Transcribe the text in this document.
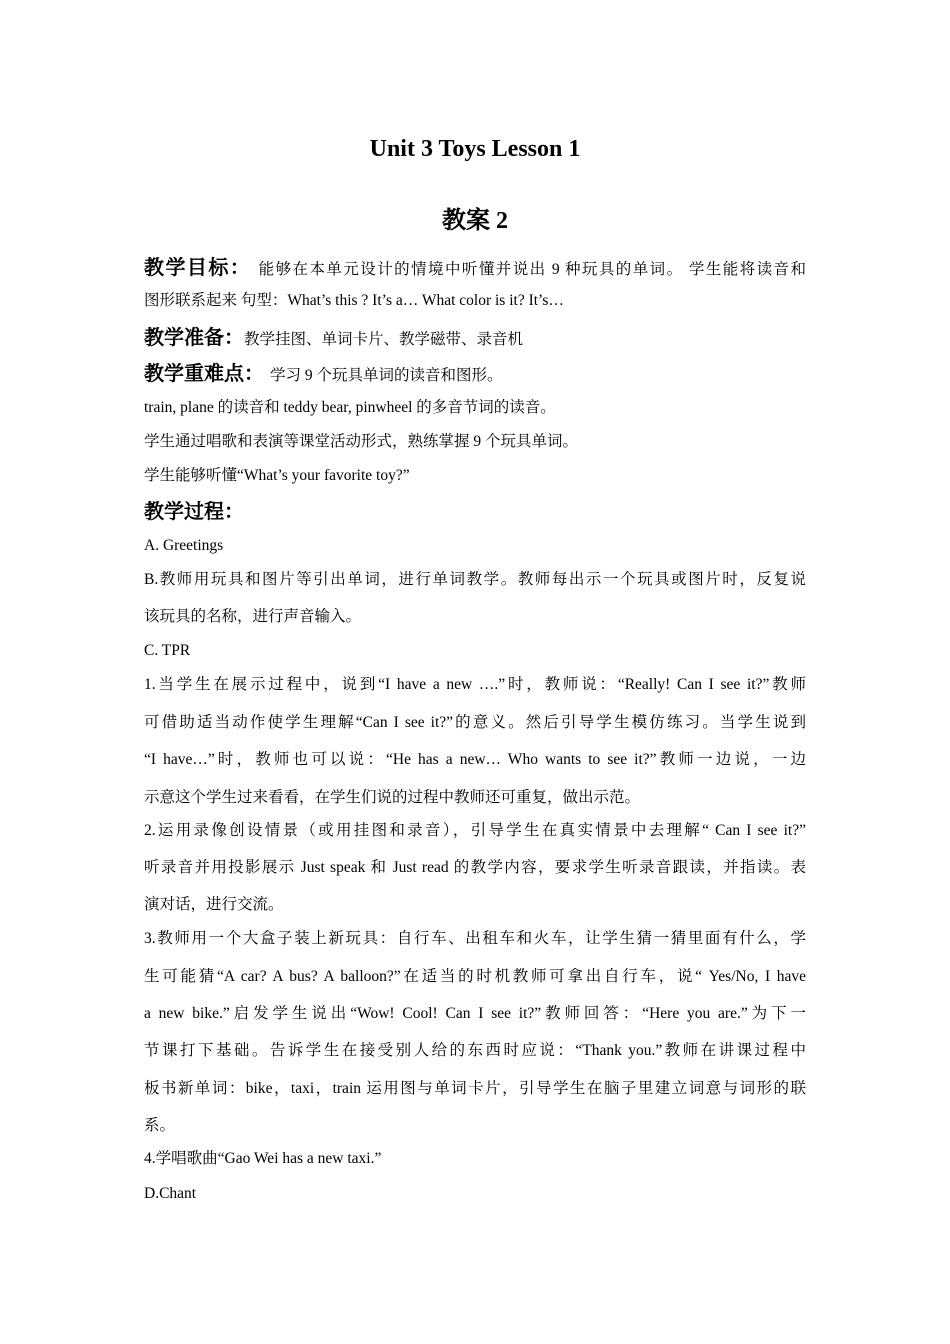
Unit 3 Toys Lesson 1
教案 2
教学目标： 能够在本单元设计的情境中听懂并说出 9 种玩具的单词。 学生能将读音和
图形联系起来 句型：What’s this ? It’s a… What color is it? It’s…
教学准备：教学挂图、单词卡片、教学磁带、录音机
教学重难点： 学习 9 个玩具单词的读音和图形。
train, plane 的读音和 teddy bear, pinwheel 的多音节词的读音。
学生通过唱歌和表演等课堂活动形式，熟练掌握 9 个玩具单词。
学生能够听懂“What’s your favorite toy?”
教学过程：
A. Greetings
B.教师用玩具和图片等引出单词，进行单词教学。教师每出示一个玩具或图片时，反复说
该玩具的名称，进行声音输入。
C. TPR
1.当学生在展示过程中，说到“I have a new ….”时，教师说：“Really! Can I see it?”教师
可借助适当动作使学生理解“Can I see it?”的意义。然后引导学生模仿练习。当学生说到
“I have…”时，教师也可以说：“He has a new… Who wants to see it?”教师一边说，一边
示意这个学生过来看看，在学生们说的过程中教师还可重复，做出示范。
2.运用录像创设情景（或用挂图和录音），引导学生在真实情景中去理解“ Can I see it?”
听录音并用投影展示 Just speak 和 Just read 的教学内容，要求学生听录音跟读，并指读。表
演对话，进行交流。
3.教师用一个大盒子装上新玩具：自行车、出租车和火车，让学生猜一猜里面有什么，学
生可能猜“A car? A bus? A balloon?”在适当的时机教师可拿出自行车，说“ Yes/No, I have
a new bike.”启发学生说出“Wow! Cool! Can I see it?”教师回答：“Here you are.”为下一
节课打下基础。告诉学生在接受别人给的东西时应说：“Thank you.”教师在讲课过程中
板书新单词：bike，taxi，train 运用图与单词卡片，引导学生在脑子里建立词意与词形的联
系。
4.学唱歌曲“Gao Wei has a new taxi.”
D.Chant
